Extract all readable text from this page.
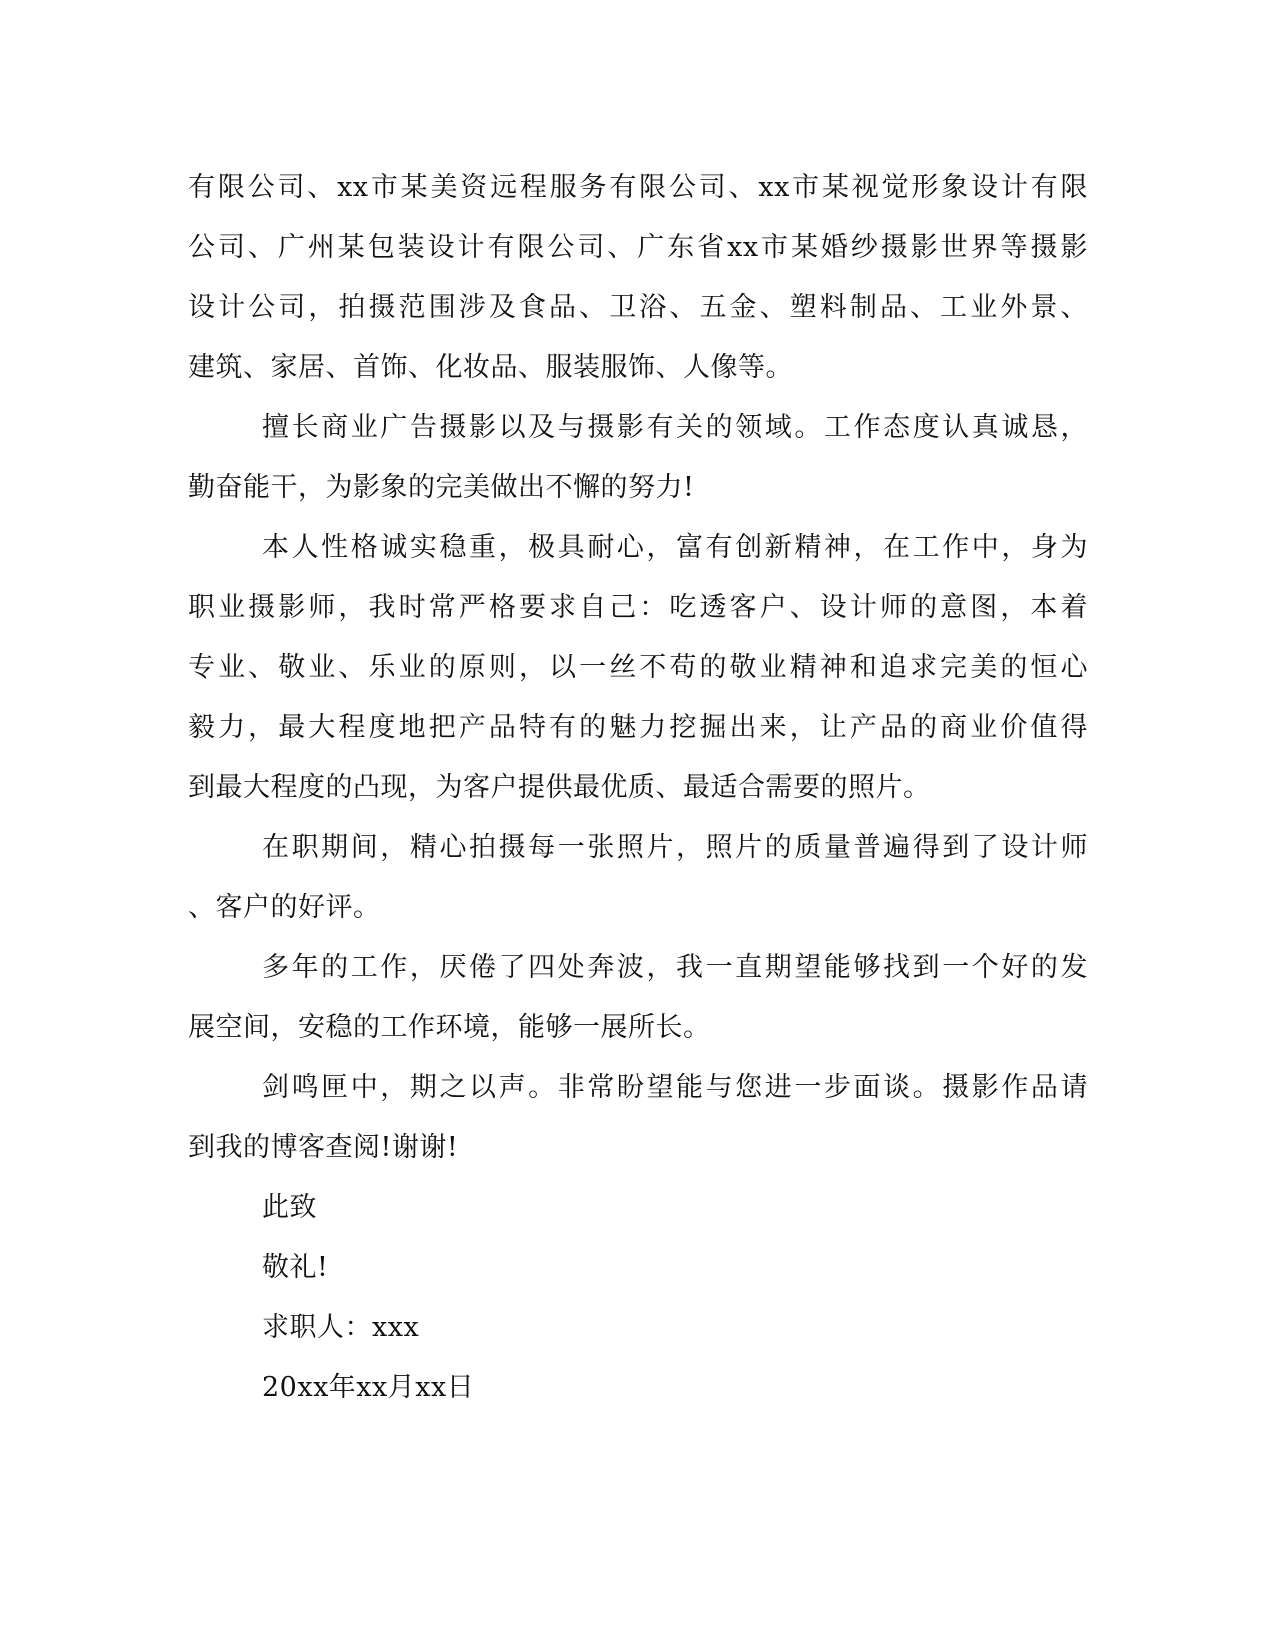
有限公司、xx市某美资远程服务有限公司、xx市某视觉形象设计有限
公司、广州某包装设计有限公司、广东省xx市某婚纱摄影世界等摄影
设计公司，拍摄范围涉及食品、卫浴、五金、塑料制品、工业外景、
建筑、家居、首饰、化妆品、服装服饰、人像等。
擅长商业广告摄影以及与摄影有关的领域。工作态度认真诚恳，
勤奋能干，为影象的完美做出不懈的努力!
本人性格诚实稳重，极具耐心，富有创新精神，在工作中，身为
职业摄影师，我时常严格要求自己：吃透客户、设计师的意图，本着
专业、敬业、乐业的原则，以一丝不苟的敬业精神和追求完美的恒心
毅力，最大程度地把产品特有的魅力挖掘出来，让产品的商业价值得
到最大程度的凸现，为客户提供最优质、最适合需要的照片。
在职期间，精心拍摄每一张照片，照片的质量普遍得到了设计师
、客户的好评。
多年的工作，厌倦了四处奔波，我一直期望能够找到一个好的发
展空间，安稳的工作环境，能够一展所长。
剑鸣匣中，期之以声。非常盼望能与您进一步面谈。摄影作品请
到我的博客查阅!谢谢!
此致
敬礼!
求职人：xxx
20xx年xx月xx日
